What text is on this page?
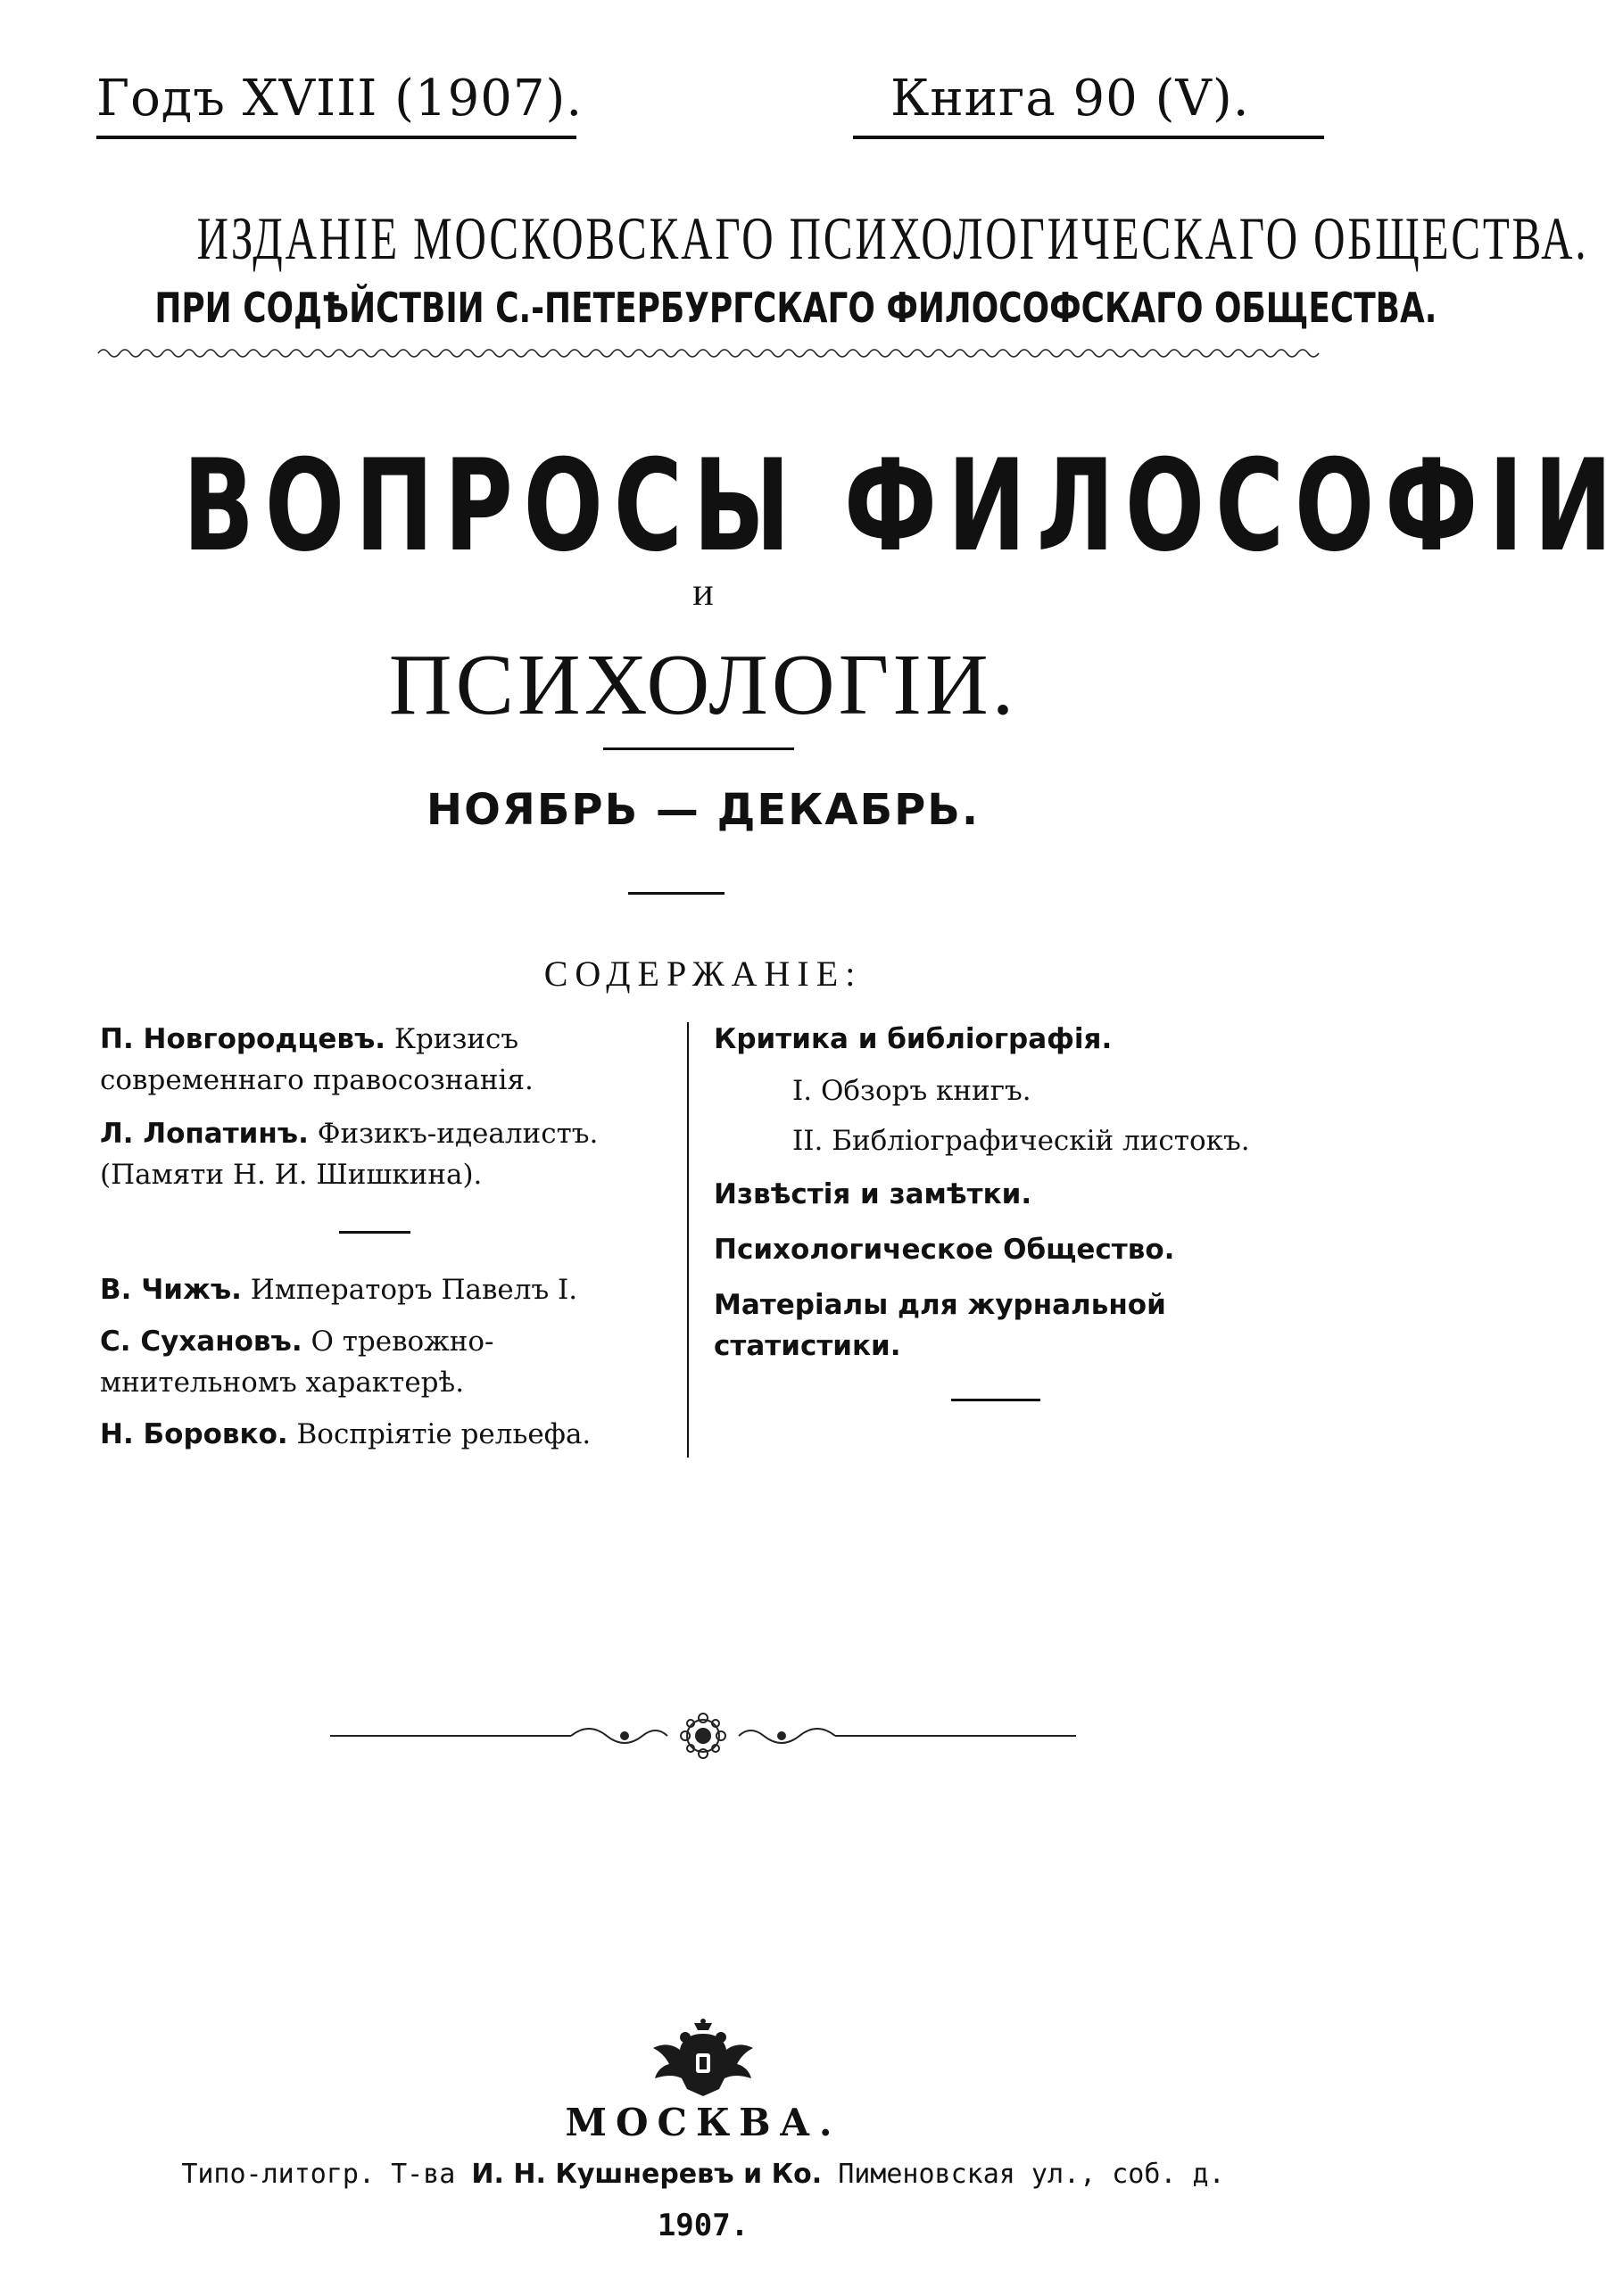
Годъ XVIII (1907).	Книга 90 (V).
ИЗДАНІЕ МОСКОВСКАГО ПСИХОЛОГИЧЕСКАГО ОБЩЕСТВА.
ПРИ СОДѢЙСТВІИ С.-ПЕТЕРБУРГСКАГО ФИЛОСОФСКАГО ОБЩЕСТВА.
ВОПРОСЫ ФИЛОСОФІИ
и
ПСИХОЛОГІИ.
НОЯБРЬ — ДЕКАБРЬ.
СОДЕРЖАНІЕ:
П. Новгородцевъ. Кризисъ современнаго правосознанія.
Л. Лопатинъ. Физикъ-идеалистъ. (Памяти Н. И. Шишкина).
В. Чижъ. Императоръ Павелъ I.
С. Сухановъ. О тревожно-мнительномъ характерѣ.
Н. Боровко. Воспріятіе рельефа.
Критика и библіографія.
I. Обзоръ книгъ.
II. Библіографическій листокъ.
Извѣстія и замѣтки.
Психологическое Общество.
Матеріалы для журнальной статистики.
МОСКВА.
Типо-литогр. Т-ва И. Н. Кушнеревъ и Ко. Пименовская ул., соб. д.
1907.
